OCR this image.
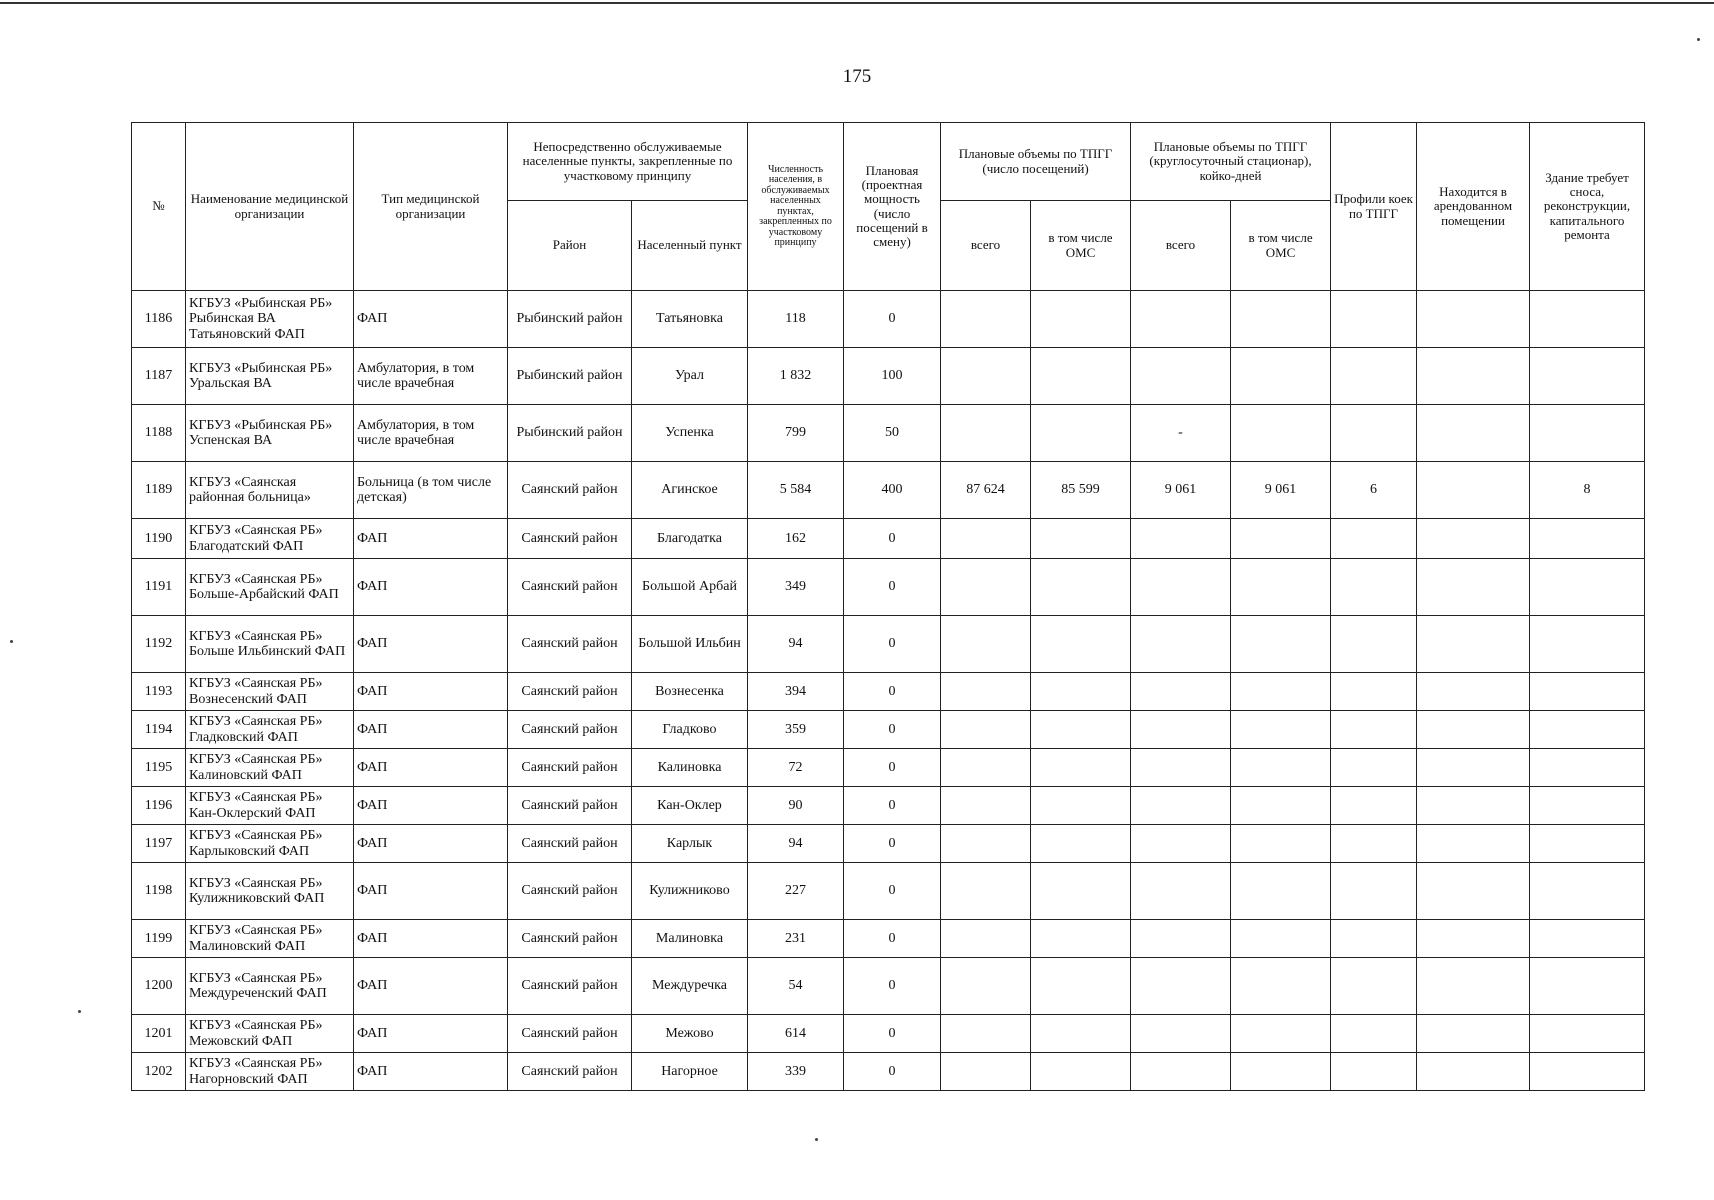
175
№	Наименование медицинской организации	Тип медицинской организации	Непосредственно обслуживаемые населенные пункты, закрепленные по участковому принципу		Численность населения, в обслуживаемых населенных пунктах, закрепленных по участковому принципу	Плановая (проектная мощность (число посещений в смену)	Плановые объемы по ТПГГ (число посещений)		Плановые объемы по ТПГГ (круглосуточный стационар), койко-дней		Профили коек по ТПГГ	Находится в арендованном помещении	Здание требует сноса, реконструкции, капитального ремонта
			Район	Населенный пункт			всего	в том числе ОМС	всего	в том числе ОМС			
1186	КГБУЗ «Рыбинская РБ» Рыбинская ВА Татьяновский ФАП	ФАП	Рыбинский район	Татьяновка	118	0							
1187	КГБУЗ «Рыбинская РБ» Уральская ВА	Амбулатория, в том числе врачебная	Рыбинский район	Урал	1 832	100							
1188	КГБУЗ «Рыбинская РБ» Успенская ВА	Амбулатория, в том числе врачебная	Рыбинский район	Успенка	799	50			-				
1189	КГБУЗ «Саянская районная больница»	Больница (в том числе детская)	Саянский район	Агинское	5 584	400	87 624	85 599	9 061	9 061	6		8
1190	КГБУЗ «Саянская РБ» Благодатский ФАП	ФАП	Саянский район	Благодатка	162	0							
1191	КГБУЗ «Саянская РБ» Больше-Арбайский ФАП	ФАП	Саянский район	Большой Арбай	349	0							
1192	КГБУЗ «Саянская РБ» Больше Ильбинский ФАП	ФАП	Саянский район	Большой Ильбин	94	0							
1193	КГБУЗ «Саянская РБ» Вознесенский ФАП	ФАП	Саянский район	Вознесенка	394	0							
1194	КГБУЗ «Саянская РБ» Гладковский ФАП	ФАП	Саянский район	Гладково	359	0							
1195	КГБУЗ «Саянская РБ» Калиновский ФАП	ФАП	Саянский район	Калиновка	72	0							
1196	КГБУЗ «Саянская РБ» Кан-Оклерский ФАП	ФАП	Саянский район	Кан-Оклер	90	0							
1197	КГБУЗ «Саянская РБ» Карлыковский ФАП	ФАП	Саянский район	Карлык	94	0							
1198	КГБУЗ «Саянская РБ» Кулижниковский ФАП	ФАП	Саянский район	Кулижниково	227	0							
1199	КГБУЗ «Саянская РБ» Малиновский ФАП	ФАП	Саянский район	Малиновка	231	0							
1200	КГБУЗ «Саянская РБ» Междуреченский ФАП	ФАП	Саянский район	Междуречка	54	0							
1201	КГБУЗ «Саянская РБ» Межовский ФАП	ФАП	Саянский район	Межово	614	0							
1202	КГБУЗ «Саянская РБ» Нагорновский ФАП	ФАП	Саянский район	Нагорное	339	0							
